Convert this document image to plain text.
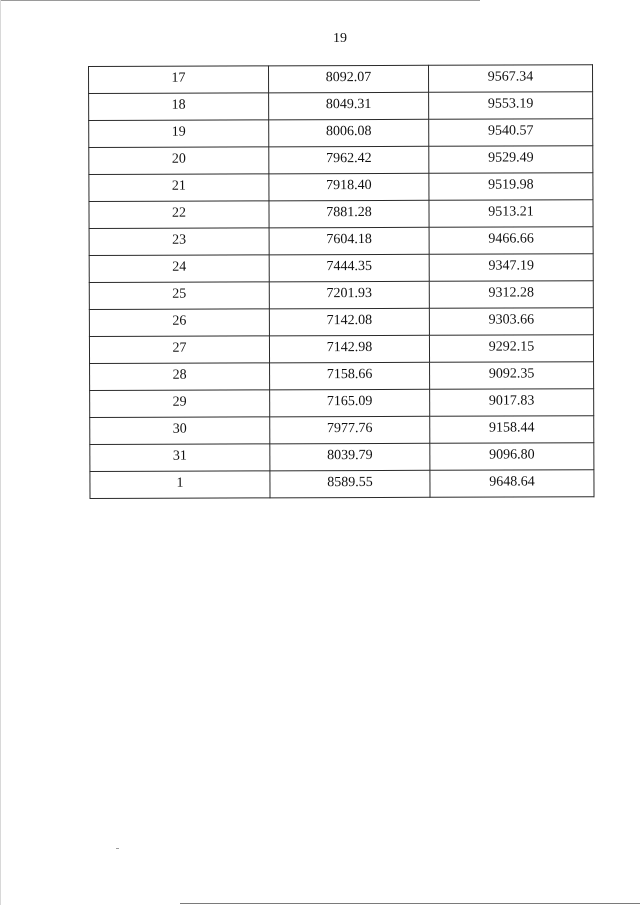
19
17	8092.07	9567.34
18	8049.31	9553.19
19	8006.08	9540.57
20	7962.42	9529.49
21	7918.40	9519.98
22	7881.28	9513.21
23	7604.18	9466.66
24	7444.35	9347.19
25	7201.93	9312.28
26	7142.08	9303.66
27	7142.98	9292.15
28	7158.66	9092.35
29	7165.09	9017.83
30	7977.76	9158.44
31	8039.79	9096.80
1	8589.55	9648.64
